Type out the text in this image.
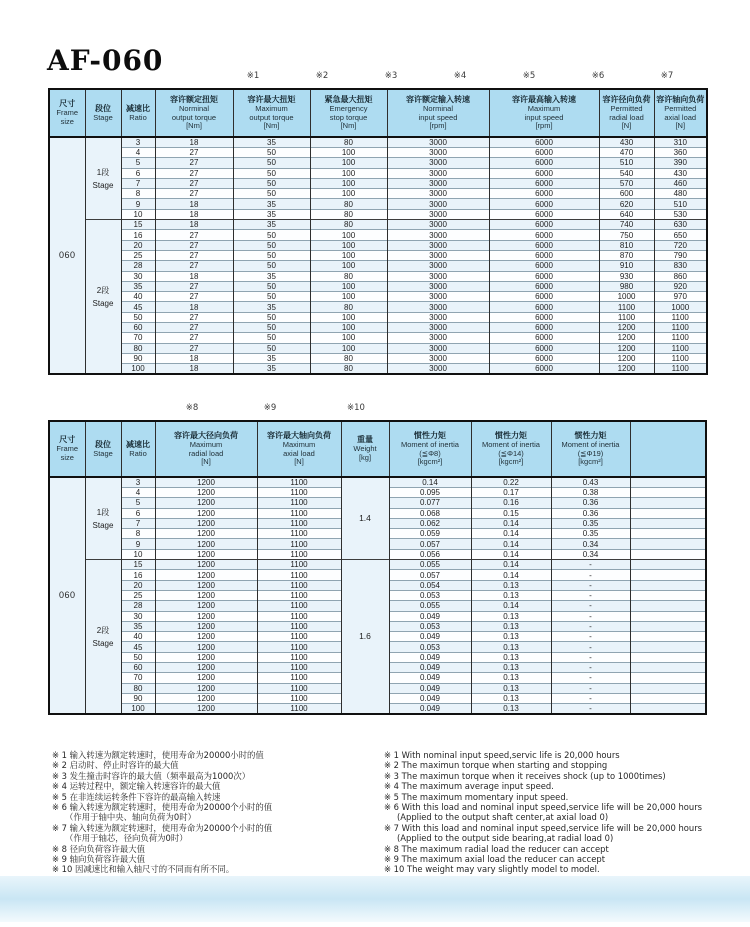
AF-060	※1	※2	※3	※4	※5	※6	※7
尺寸
Frame
size

段位
Stage

减速比
Ratio

容许额定扭矩
Norminal
output torque
[Nm]

容许最大扭矩
Maximum
output torque
[Nm]

紧急最大扭矩
Emergency
stop torque
[Nm]

容许额定输入转速
Norminal
input speed
[rpm]

容许最高输入转速
Maximum
input speed
[rpm]

容许径向负荷
Permitted
radial load
[N]

容许轴向负荷
Permitted
axial load
[N]

060	1段
Stage	3	18	35	80	3000	6000	430	310
		4	27	50	100	3000	6000	470	360
		5	27	50	100	3000	6000	510	390
		6	27	50	100	3000	6000	540	430
		7	27	50	100	3000	6000	570	460
		8	27	50	100	3000	6000	600	480
		9	18	35	80	3000	6000	620	510
		10	18	35	80	3000	6000	640	530

	2段
Stage	15	18	35	80	3000	6000	740	630
		16	27	50	100	3000	6000	750	650
		20	27	50	100	3000	6000	810	720
		25	27	50	100	3000	6000	870	790
		28	27	50	100	3000	6000	910	830
		30	18	35	80	3000	6000	930	860
		35	27	50	100	3000	6000	980	920
		40	27	50	100	3000	6000	1000	970
		45	18	35	80	3000	6000	1100	1000
		50	27	50	100	3000	6000	1100	1100
		60	27	50	100	3000	6000	1200	1100
		70	27	50	100	3000	6000	1200	1100
		80	27	50	100	3000	6000	1200	1100
		90	18	35	80	3000	6000	1200	1100
		100	18	35	80	3000	6000	1200	1100
※8	※9	※10
尺寸
Frame
size

段位
Stage

减速比
Ratio

容许最大径向负荷
Maximum
radial load
[N]

容许最大轴向负荷
Maximum
axial load
[N]

重量
Weight
[kg]

惯性力矩
Moment of inertia
(≦Φ8)
[kgcm²]

惯性力矩
Moment of inertia
(≦Φ14)
[kgcm²]

惯性力矩
Moment of inertia
(≦Φ19)
[kgcm²]

060	1段
Stage	3	1200	1100	1.4	0.14	0.22	0.43	
		4	1200	1100		0.095	0.17	0.38	
		5	1200	1100		0.077	0.16	0.36	
		6	1200	1100		0.068	0.15	0.36	
		7	1200	1100		0.062	0.14	0.35	
		8	1200	1100		0.059	0.14	0.35	
		9	1200	1100		0.057	0.14	0.34	
		10	1200	1100		0.056	0.14	0.34	

	2段
Stage	15	1200	1100	1.6	0.055	0.14	-	
		16	1200	1100		0.057	0.14	-	
		20	1200	1100		0.054	0.13	-	
		25	1200	1100		0.053	0.13	-	
		28	1200	1100		0.055	0.14	-	
		30	1200	1100		0.049	0.13	-	
		35	1200	1100		0.053	0.13	-	
		40	1200	1100		0.049	0.13	-	
		45	1200	1100		0.053	0.13	-	
		50	1200	1100		0.049	0.13	-	
		60	1200	1100		0.049	0.13	-	
		70	1200	1100		0.049	0.13	-	
		80	1200	1100		0.049	0.13	-	
		90	1200	1100		0.049	0.13	-	
		100	1200	1100		0.049	0.13	-	
※ 1 输入转速为额定转速时，使用寿命为20000小时的值
※ 2 启动时、停止时容许的最大值
※ 3 发生撞击时容许的最大值（频率最高为1000次）
※ 4 运转过程中，额定输入转速容许的最大值
※ 5 在非连续运转条件下容许的最高输入转速
※ 6 输入转速为额定转速时，使用寿命为20000个小时的值
（作用于轴中央、轴向负荷为0时）
※ 7 输入转速为额定转速时，使用寿命为20000个小时的值
（作用于轴芯，径向负荷为0时）
※ 8 径向负荷容许最大值
※ 9 轴向负荷容许最大值
※ 10 因减速比和输入轴尺寸的不同而有所不同。
※ 1 With nominal input speed,servic life is 20,000 hours
※ 2 The maximun torque when starting and stopping
※ 3 The maximun torque when it receives shock (up to 1000times)
※ 4 The maximum average input speed.
※ 5 The maximum momentary input speed.
※ 6 With this load and nominal input speed,service life will be 20,000 hours
(Applied to the output shaft center,at axial load 0)
※ 7 With this load and nominal input speed,service life will be 20,000 hours
(Applied to the output side bearing,at radial load 0)
※ 8 The maximum radial load the reducer can accept
※ 9 The maximum axial load the reducer can accept
※ 10 The weight may vary slightly model to model.
